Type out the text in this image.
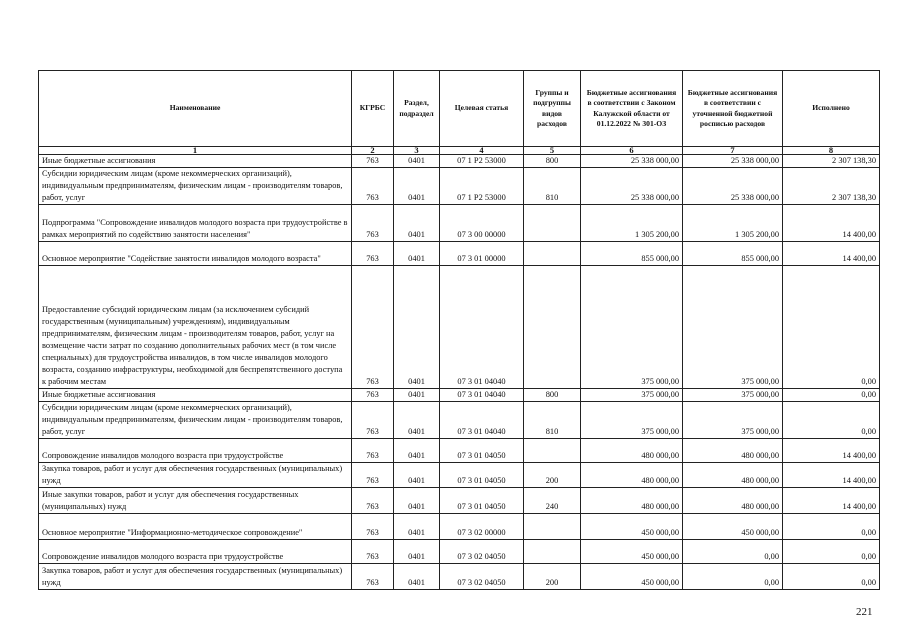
Наименование	КГРБС	Раздел, подраздел	Целевая статья	Группы и подгруппы видов расходов	Бюджетные ассигнования в соответствии с Законом Калужской области от 01.12.2022 № 301-ОЗ	Бюджетные ассигнования в соответствии с уточненной бюджетной росписью расходов	Исполнено
1	2	3	4	5	6	7	8
Иные бюджетные ассигнования	763	0401	07 1 P2 53000	800	25 338 000,00	25 338 000,00	2 307 138,30
Субсидии юридическим лицам (кроме некоммерческих организаций), индивидуальным предпринимателям, физическим лицам - производителям товаров, работ, услуг	763	0401	07 1 P2 53000	810	25 338 000,00	25 338 000,00	2 307 138,30
Подпрограмма "Сопровождение инвалидов молодого возраста при трудоустройстве в рамках мероприятий по содействию занятости населения"	763	0401	07 3 00 00000		1 305 200,00	1 305 200,00	14 400,00
Основное мероприятие "Содействие занятости инвалидов молодого возраста"	763	0401	07 3 01 00000		855 000,00	855 000,00	14 400,00
Предоставление субсидий юридическим лицам (за исключением субсидий государственным (муниципальным) учреждениям), индивидуальным предпринимателям, физическим лицам - производителям товаров, работ, услуг на возмещение части затрат по созданию дополнительных рабочих мест (в том числе специальных) для трудоустройства инвалидов, в том числе инвалидов молодого возраста, созданию инфраструктуры, необходимой для беспрепятственного доступа к рабочим местам	763	0401	07 3 01 04040		375 000,00	375 000,00	0,00
Иные бюджетные ассигнования	763	0401	07 3 01 04040	800	375 000,00	375 000,00	0,00
Субсидии юридическим лицам (кроме некоммерческих организаций), индивидуальным предпринимателям, физическим лицам - производителям товаров, работ, услуг	763	0401	07 3 01 04040	810	375 000,00	375 000,00	0,00
Сопровождение инвалидов молодого возраста при трудоустройстве	763	0401	07 3 01 04050		480 000,00	480 000,00	14 400,00
Закупка товаров, работ и услуг для обеспечения государственных (муниципальных) нужд	763	0401	07 3 01 04050	200	480 000,00	480 000,00	14 400,00
Иные закупки товаров, работ и услуг для обеспечения государственных (муниципальных) нужд	763	0401	07 3 01 04050	240	480 000,00	480 000,00	14 400,00
Основное мероприятие "Информационно-методическое сопровождение"	763	0401	07 3 02 00000		450 000,00	450 000,00	0,00
Сопровождение инвалидов молодого возраста при трудоустройстве	763	0401	07 3 02 04050		450 000,00	0,00	0,00
Закупка товаров, работ и услуг для обеспечения государственных (муниципальных) нужд	763	0401	07 3 02 04050	200	450 000,00	0,00	0,00
221
